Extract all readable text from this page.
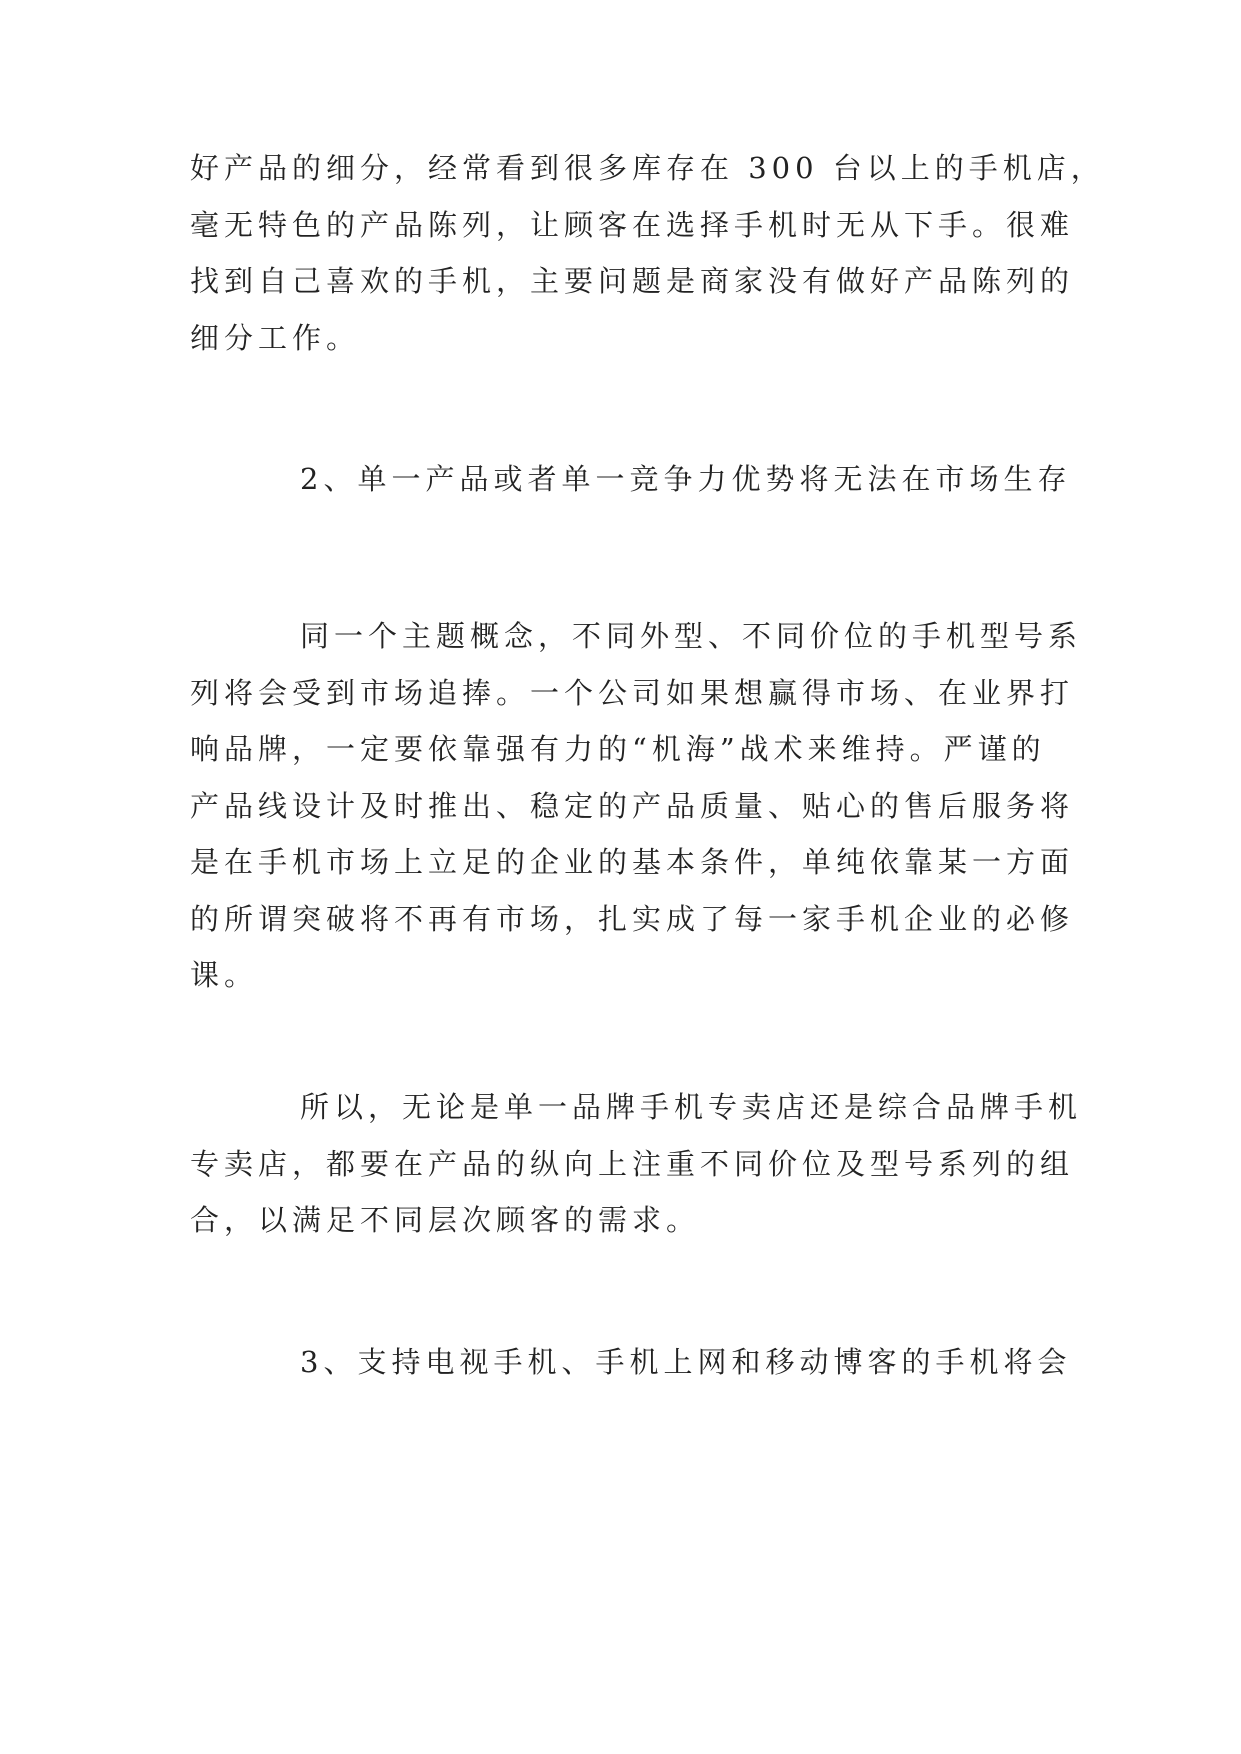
好产品的细分，经常看到很多库存在 300 台以上的手机店，
毫无特色的产品陈列，让顾客在选择手机时无从下手。很难
找到自己喜欢的手机，主要问题是商家没有做好产品陈列的
细分工作。

2、单一产品或者单一竞争力优势将无法在市场生存

同一个主题概念，不同外型、不同价位的手机型号系
列将会受到市场追捧。一个公司如果想赢得市场、在业界打
响品牌，一定要依靠强有力的“机海”战术来维持。严谨的
产品线设计及时推出、稳定的产品质量、贴心的售后服务将
是在手机市场上立足的企业的基本条件，单纯依靠某一方面
的所谓突破将不再有市场，扎实成了每一家手机企业的必修
课。

所以，无论是单一品牌手机专卖店还是综合品牌手机
专卖店，都要在产品的纵向上注重不同价位及型号系列的组
合，以满足不同层次顾客的需求。

3、支持电视手机、手机上网和移动博客的手机将会
